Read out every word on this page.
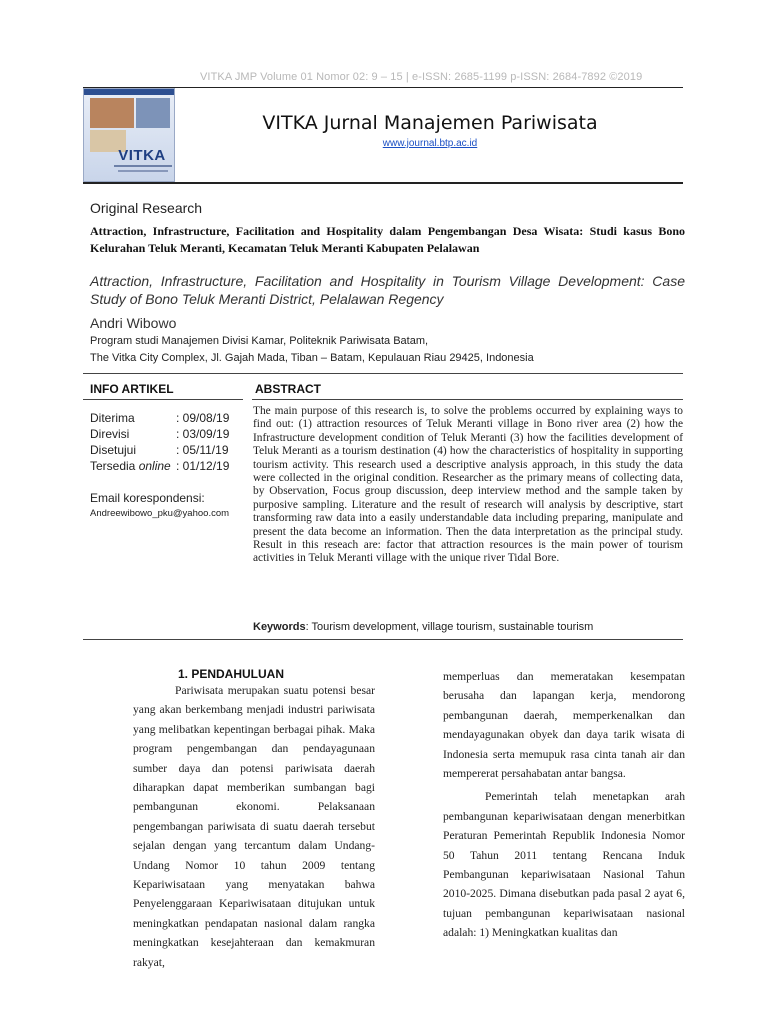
VITKA JMP Volume 01 Nomor 02: 9 – 15 | e-ISSN: 2685-1199 p-ISSN: 2684-7892 ©2019
VITKA
VITKA Jurnal Manajemen Pariwisata
www.journal.btp.ac.id
Original Research
Attraction, Infrastructure, Facilitation and Hospitality dalam Pengembangan Desa Wisata: Studi kasus Bono Kelurahan Teluk Meranti, Kecamatan Teluk Meranti Kabupaten Pelalawan
Attraction, Infrastructure, Facilitation and Hospitality in Tourism Village Development: Case Study of Bono Teluk Meranti District, Pelalawan Regency
Andri Wibowo
Program studi Manajemen Divisi Kamar, Politeknik Pariwisata Batam,
The Vitka City Complex, Jl. Gajah Mada, Tiban – Batam, Kepulauan Riau 29425, Indonesia
INFO ARTIKEL	ABSTRACT
Diterima	: 09/08/19
Direvisi	: 03/09/19
Disetujui	: 05/11/19
Tersedia online : 01/12/19
Email korespondensi:
Andreewibowo_pku@yahoo.com
The main purpose of this research is, to solve the problems occurred by explaining ways to find out: (1) attraction resources of Teluk Meranti village in Bono river area (2) how the Infrastructure development condition of Teluk Meranti (3) how the facilities development of Teluk Meranti as a tourism destination (4) how the characteristics of hospitality in supporting tourism activity. This research used a descriptive analysis approach, in this study the data were collected in the original condition. Researcher as the primary means of collecting data, by Observation, Focus group discussion, deep interview method and the sample taken by purposive sampling. Literature and the result of research will analysis by descriptive, start transforming raw data into a easily understandable data including preparing, manipulate and present the data become an information. Then the data interpretation as the principal study. Result in this reseach are: factor that attraction resources is the main power of tourism activities in Teluk Meranti village with the unique river Tidal Bore.
Keywords: Tourism development, village tourism, sustainable tourism
1. PENDAHULUAN

Pariwisata merupakan suatu potensi besar yang akan berkembang menjadi industri pariwisata yang melibatkan kepentingan berbagai pihak. Maka program pengembangan dan pendayagunaan sumber daya dan potensi pariwisata daerah diharapkan dapat memberikan sumbangan bagi pembangunan ekonomi. Pelaksanaan pengembangan pariwisata di suatu daerah tersebut sejalan dengan yang tercantum dalam Undang-Undang Nomor 10 tahun 2009 tentang Kepariwisataan yang menyatakan bahwa Penyelenggaraan Kepariwisataan ditujukan untuk meningkatkan pendapatan nasional dalam rangka meningkatkan kesejahteraan dan kemakmuran rakyat,

memperluas dan memeratakan kesempatan berusaha dan lapangan kerja, mendorong pembangunan daerah, memperkenalkan dan mendayagunakan obyek dan daya tarik wisata di Indonesia serta memupuk rasa cinta tanah air dan mempererat persahabatan antar bangsa.

Pemerintah telah menetapkan arah pembangunan kepariwisataan dengan menerbitkan Peraturan Pemerintah Republik Indonesia Nomor 50 Tahun 2011 tentang Rencana Induk Pembangunan kepariwisataan Nasional Tahun 2010-2025. Dimana disebutkan pada pasal 2 ayat 6, tujuan pembangunan kepariwisataan nasional adalah: 1) Meningkatkan kualitas dan
